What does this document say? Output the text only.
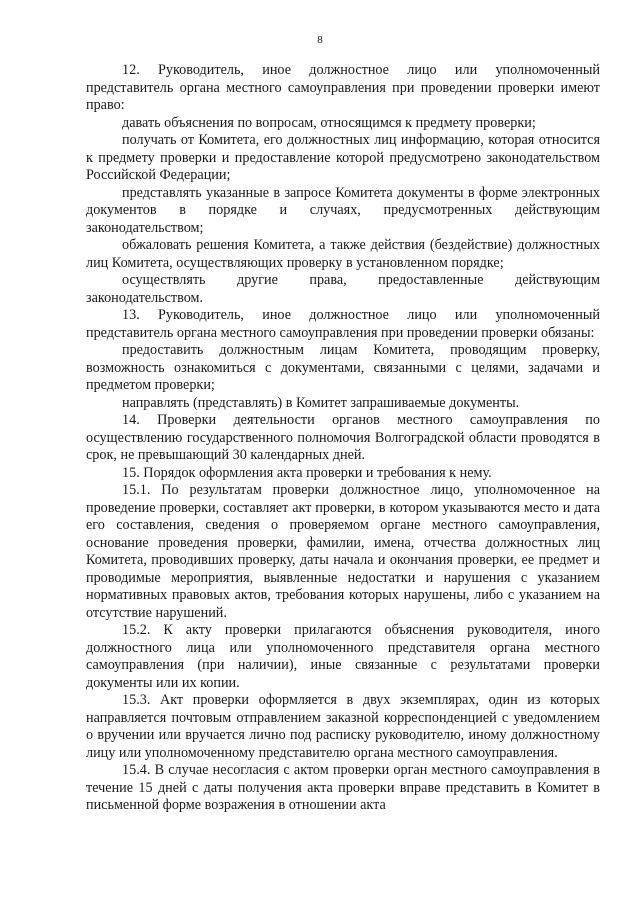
8

12. Руководитель, иное должностное лицо или уполномоченный представитель органа местного самоуправления при проведении проверки имеют право:

давать объяснения по вопросам, относящимся к предмету проверки;

получать от Комитета, его должностных лиц информацию, которая относится к предмету проверки и предоставление которой предусмотрено законодательством Российской Федерации;

представлять указанные в запросе Комитета документы в форме электронных документов в порядке и случаях, предусмотренных действующим законодательством;

обжаловать решения Комитета, а также действия (бездействие) должностных лиц Комитета, осуществляющих проверку в установленном порядке;

осуществлять другие права, предоставленные действующим законодательством.

13. Руководитель, иное должностное лицо или уполномоченный представитель органа местного самоуправления при проведении проверки обязаны:

предоставить должностным лицам Комитета, проводящим проверку, возможность ознакомиться с документами, связанными с целями, задачами и предметом проверки;

направлять (представлять) в Комитет запрашиваемые документы.

14. Проверки деятельности органов местного самоуправления по осуществлению государственного полномочия Волгоградской области проводятся в срок, не превышающий 30 календарных дней.

15. Порядок оформления акта проверки и требования к нему.

15.1. По результатам проверки должностное лицо, уполномоченное на проведение проверки, составляет акт проверки, в котором указываются место и дата его составления, сведения о проверяемом органе местного самоуправления, основание проведения проверки, фамилии, имена, отчества должностных лиц Комитета, проводивших проверку, даты начала и окончания проверки, ее предмет и проводимые мероприятия, выявленные недостатки и нарушения с указанием нормативных правовых актов, требования которых нарушены, либо с указанием на отсутствие нарушений.

15.2. К акту проверки прилагаются объяснения руководителя, иного должностного лица или уполномоченного представителя органа местного самоуправления (при наличии), иные связанные с результатами проверки документы или их копии.

15.3. Акт проверки оформляется в двух экземплярах, один из которых направляется почтовым отправлением заказной корреспонденцией с уведомлением о вручении или вручается лично под расписку руководителю, иному должностному лицу или уполномоченному представителю органа местного самоуправления.

15.4. В случае несогласия с актом проверки орган местного самоуправления в течение 15 дней с даты получения акта проверки вправе представить в Комитет в письменной форме возражения в отношении акта
